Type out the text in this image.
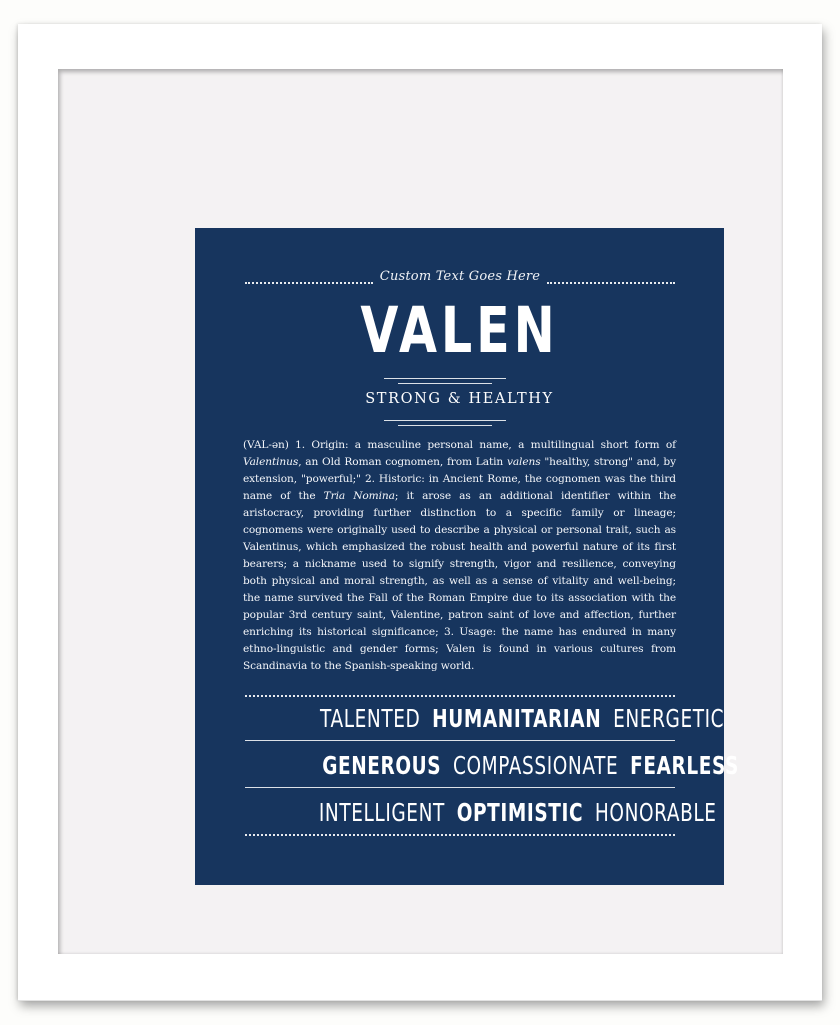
Custom Text Goes Here
VALEN
STRONG & HEALTHY
(VAL-ən) 1. Origin: a masculine personal name, a multilingual short form of Valentinus, an Old Roman cognomen, from Latin valens "healthy, strong" and, by extension, "powerful;" 2. Historic: in Ancient Rome, the cognomen was the third name of the Tria Nomina; it arose as an additional identifier within the aristocracy, providing further distinction to a specific family or lineage; cognomens were originally used to describe a physical or personal trait, such as Valentinus, which emphasized the robust health and powerful nature of its first bearers; a nickname used to signify strength, vigor and resilience, conveying both physical and moral strength, as well as a sense of vitality and well-being; the name survived the Fall of the Roman Empire due to its association with the popular 3rd century saint, Valentine, patron saint of love and affection, further enriching its historical significance; 3. Usage: the name has endured in many ethno-linguistic and gender forms; Valen is found in various cultures from Scandinavia to the Spanish-speaking world.
TALENTED HUMANITARIAN ENERGETIC
GENEROUS COMPASSIONATE FEARLESS
INTELLIGENT OPTIMISTIC HONORABLE
